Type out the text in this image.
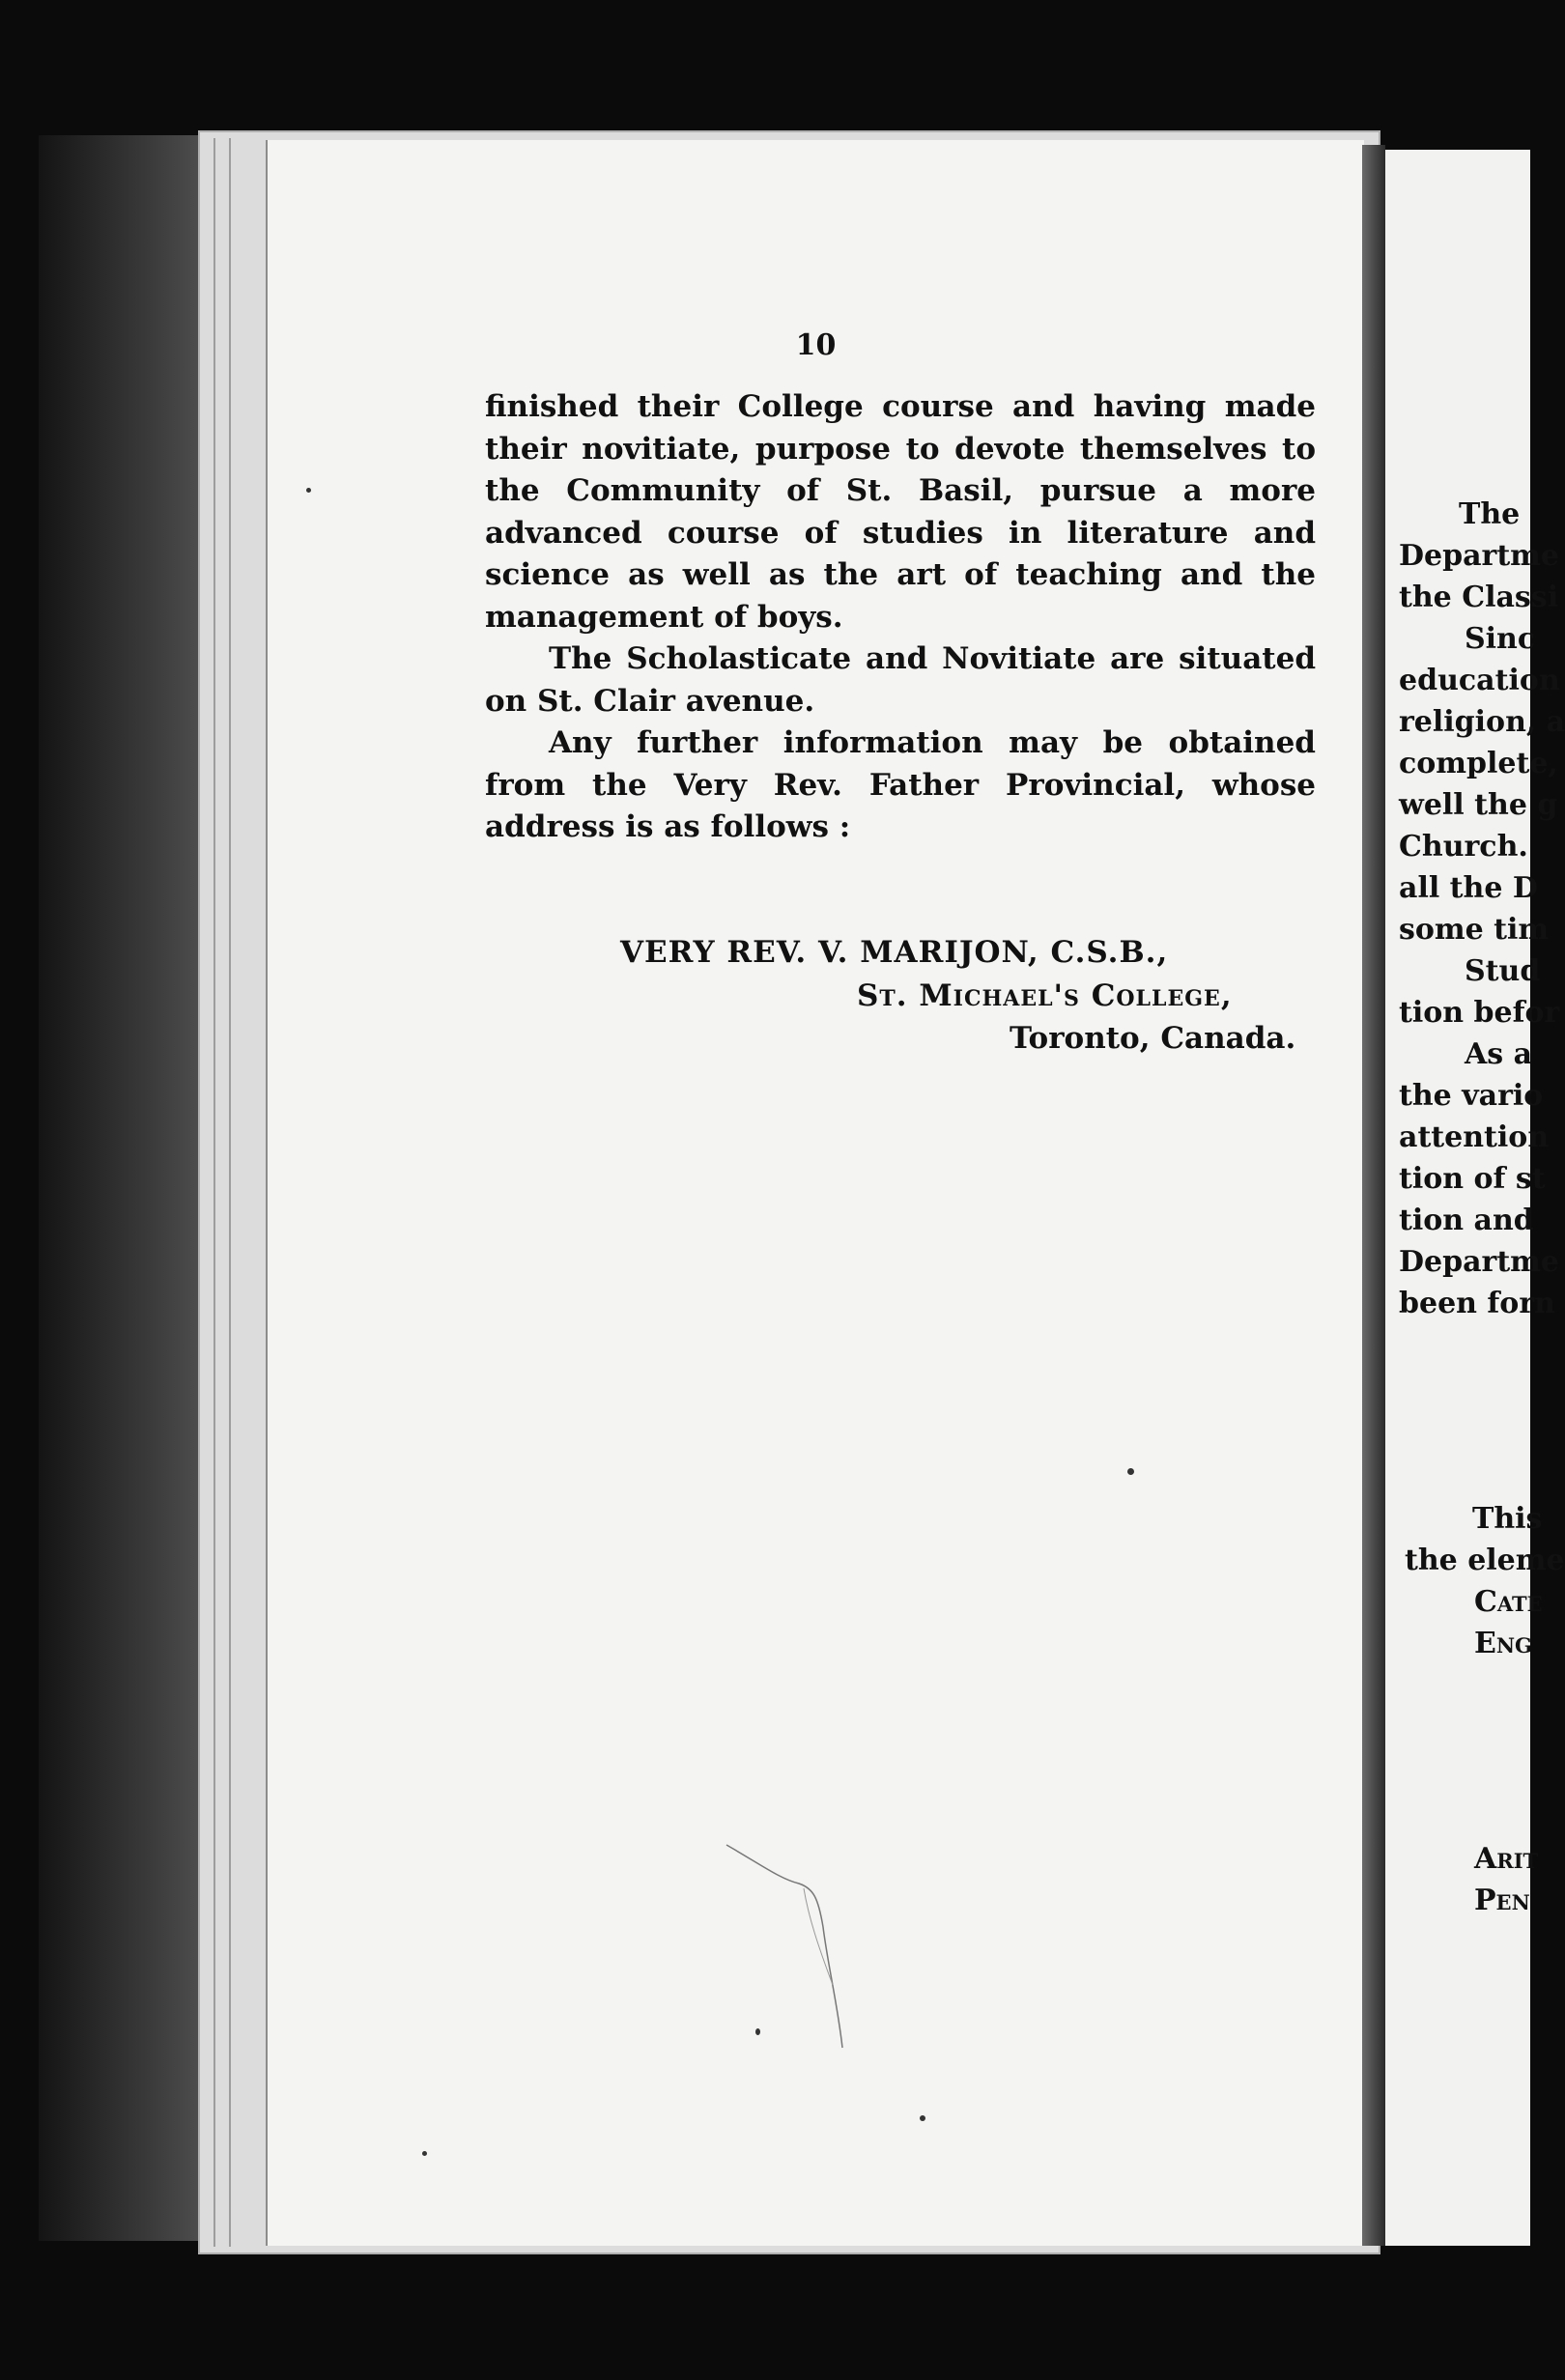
10

finished their College course and having made their novitiate, purpose to devote themselves to the Community of St. Basil, pursue a more advanced course of studies in literature and science as well as the art of teaching and the management of boys.

The Scholasticate and Novitiate are situated on St. Clair avenue.

Any further information may be obtained from the Very Rev. Father Provincial, whose address is as follows :

VERY REV. V. MARIJON, C.S.B.,
St. Michael's College,
Toronto, Canada.
The
Departme
the Classi
Sinc
education
religion, a
complete,
well the g
Church.
all the D
some tim
Stud
tion befor
As a
the vario
attention
tion of st
tion and
Departme
been forn
This
the eleme
Cate
Eng
Arit
Pen
